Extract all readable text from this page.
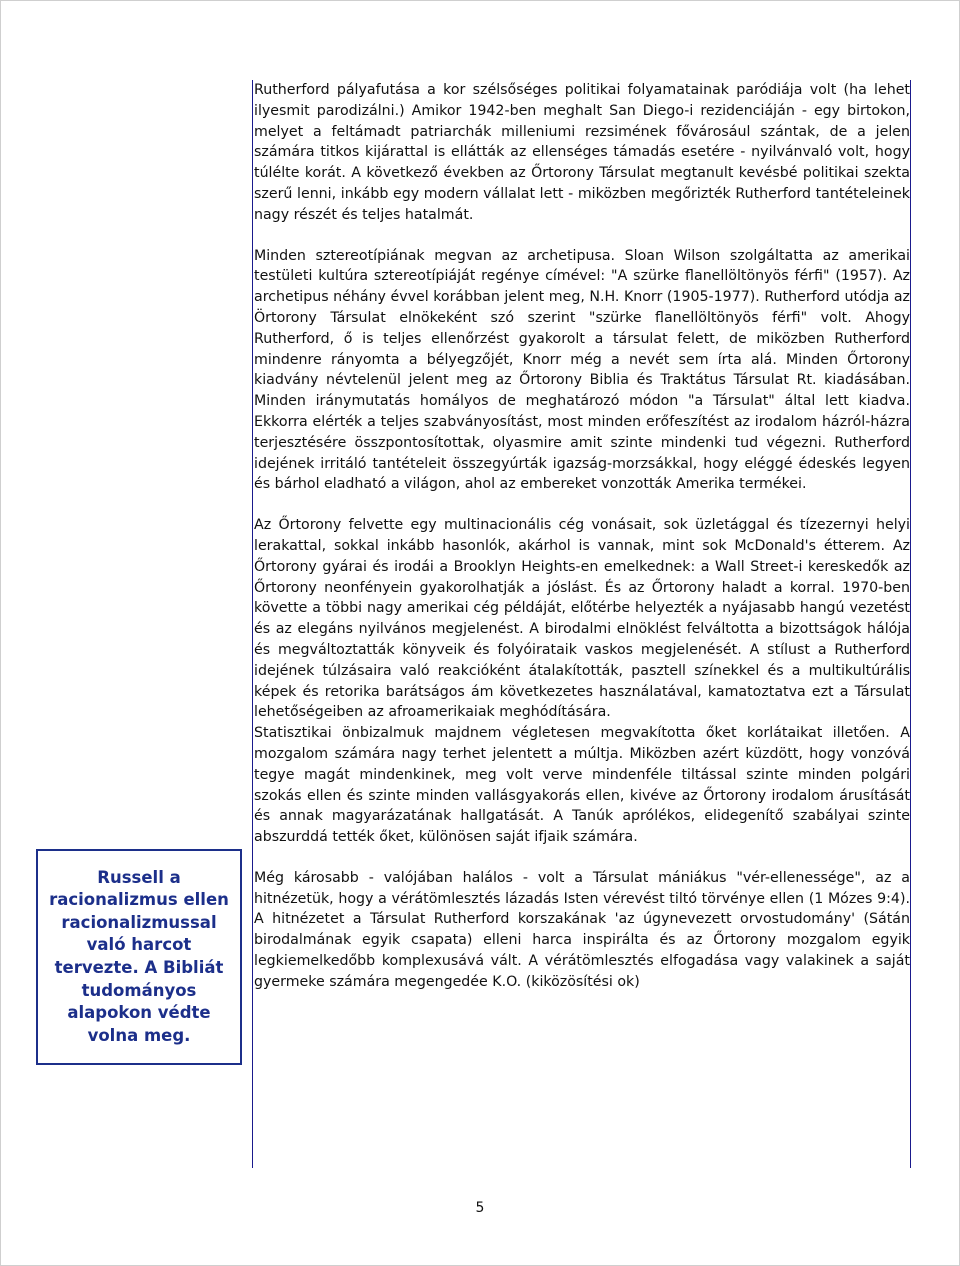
Rutherford pályafutása a kor szélsőséges politikai folyamatainak paródiája volt (ha lehet ilyesmit parodizálni.) Amikor 1942-ben meghalt San Diego-i rezidenciáján - egy birtokon, melyet a feltámadt patriarchák milleniumi rezsimének fővárosául szántak, de a jelen számára titkos kijárattal is ellátták az ellenséges támadás esetére - nyilvánvaló volt, hogy túlélte korát. A következő években az Őrtorony Társulat megtanult kevésbé politikai szekta szerű lenni, inkább egy modern vállalat lett - miközben megőrizték Rutherford tantételeinek nagy részét és teljes hatalmát.

Minden sztereotípiának megvan az archetipusa. Sloan Wilson szolgáltatta az amerikai testületi kultúra sztereotípiáját regénye címével: "A szürke flanellöltönyös férfi" (1957). Az archetipus néhány évvel korábban jelent meg, N.H. Knorr (1905-1977). Rutherford utódja az Örtorony Társulat elnökeként szó szerint "szürke flanellöltönyös férfi" volt. Ahogy Rutherford, ő is teljes ellenőrzést gyakorolt a társulat felett, de miközben Rutherford mindenre rányomta a bélyegzőjét, Knorr még a nevét sem írta alá. Minden Őrtorony kiadvány névtelenül jelent meg az Őrtorony Biblia és Traktátus Társulat Rt. kiadásában. Minden iránymutatás homályos de meghatározó módon "a Társulat" által lett kiadva. Ekkorra elérték a teljes szabványosítást, most minden erőfeszítést az irodalom házról-házra terjesztésére összpontosítottak, olyasmire amit szinte mindenki tud végezni. Rutherford idejének irritáló tantételeit összegyúrták igazság-morzsákkal, hogy eléggé édeskés legyen és bárhol eladható a világon, ahol az embereket vonzották Amerika termékei.

Az Őrtorony felvette egy multinacionális cég vonásait, sok üzletággal és tízezernyi helyi lerakattal, sokkal inkább hasonlók, akárhol is vannak, mint sok McDonald's étterem. Az Őrtorony gyárai és irodái a Brooklyn Heights-en emelkednek: a Wall Street-i kereskedők az Őrtorony neonfényein gyakorolhatják a jóslást. És az Őrtorony haladt a korral. 1970-ben követte a többi nagy amerikai cég példáját, előtérbe helyezték a nyájasabb hangú vezetést és az elegáns nyilvános megjelenést. A birodalmi elnöklést felváltotta a bizottságok hálója és megváltoztatták könyveik és folyóirataik vaskos megjelenését. A stílust a Rutherford idejének túlzásaira való reakcióként átalakították, pasztell színekkel és a multikultúrális képek és retorika barátságos ám következetes használatával, kamatoztatva ezt a Társulat lehetőségeiben az afroamerikaiak meghódítására.

Statisztikai önbizalmuk majdnem végletesen megvakította őket korlátaikat illetően. A mozgalom számára nagy terhet jelentett a múltja. Miközben azért küzdött, hogy vonzóvá tegye magát mindenkinek, meg volt verve mindenféle tiltással szinte minden polgári szokás ellen és szinte minden vallásgyakorás ellen, kivéve az Őrtorony irodalom árusítását és annak magyarázatának hallgatását. A Tanúk aprólékos, elidegenítő szabályai szinte abszurddá tették őket, különösen saját ifjaik számára.

Még károsabb - valójában halálos - volt a Társulat mániákus "vér-ellenessége", az a hitnézetük, hogy a vérátömlesztés lázadás Isten vérevést tiltó törvénye ellen (1 Mózes 9:4). A hitnézetet a Társulat Rutherford korszakának 'az úgynevezett orvostudomány' (Sátán birodalmának egyik csapata) elleni harca inspirálta és az Őrtorony mozgalom egyik legkiemelkedőbb komplexusává vált. A vérátömlesztés elfogadása vagy valakinek a saját gyermeke számára megengedée K.O. (kiközösítési ok)

Russell a racionalizmus ellen racionalizmussal való harcot tervezte. A Bibliát tudományos alapokon védte volna meg.

5
